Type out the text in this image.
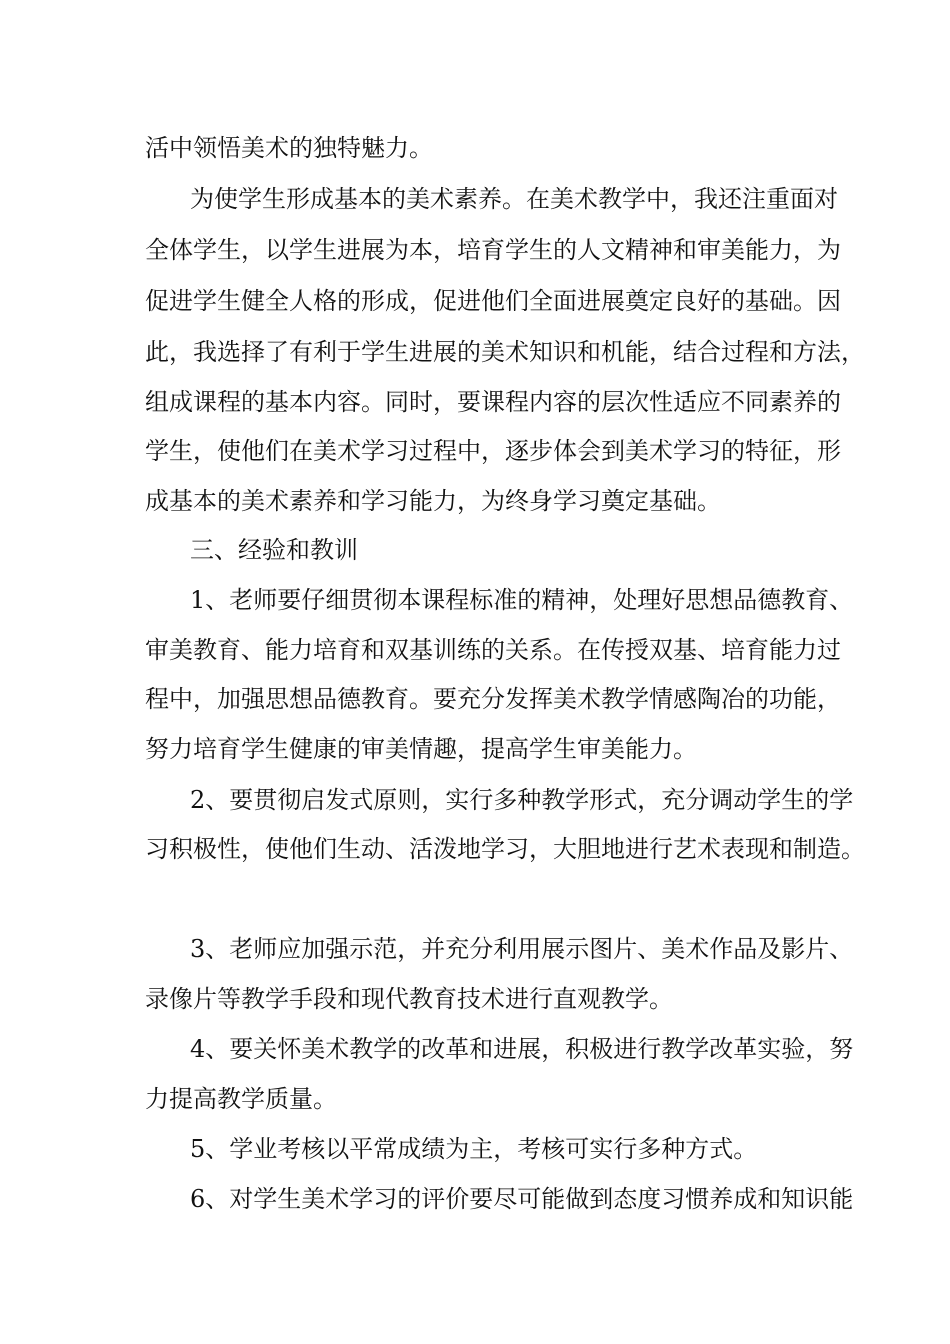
活中领悟美术的独特魅力。
为使学生形成基本的美术素养。在美术教学中，我还注重面对
全体学生，以学生进展为本，培育学生的人文精神和审美能力，为
促进学生健全人格的形成，促进他们全面进展奠定良好的基础。因
此，我选择了有利于学生进展的美术知识和机能，结合过程和方法，
组成课程的基本内容。同时，要课程内容的层次性适应不同素养的
学生，使他们在美术学习过程中，逐步体会到美术学习的特征，形
成基本的美术素养和学习能力，为终身学习奠定基础。
三、经验和教训
1、老师要仔细贯彻本课程标准的精神，处理好思想品德教育、
审美教育、能力培育和双基训练的关系。在传授双基、培育能力过
程中，加强思想品德教育。要充分发挥美术教学情感陶冶的功能，
努力培育学生健康的审美情趣，提高学生审美能力。
2、要贯彻启发式原则，实行多种教学形式，充分调动学生的学
习积极性，使他们生动、活泼地学习，大胆地进行艺术表现和制造。
3、老师应加强示范，并充分利用展示图片、美术作品及影片、
录像片等教学手段和现代教育技术进行直观教学。
4、要关怀美术教学的改革和进展，积极进行教学改革实验，努
力提高教学质量。
5、学业考核以平常成绩为主，考核可实行多种方式。
6、对学生美术学习的评价要尽可能做到态度习惯养成和知识能
